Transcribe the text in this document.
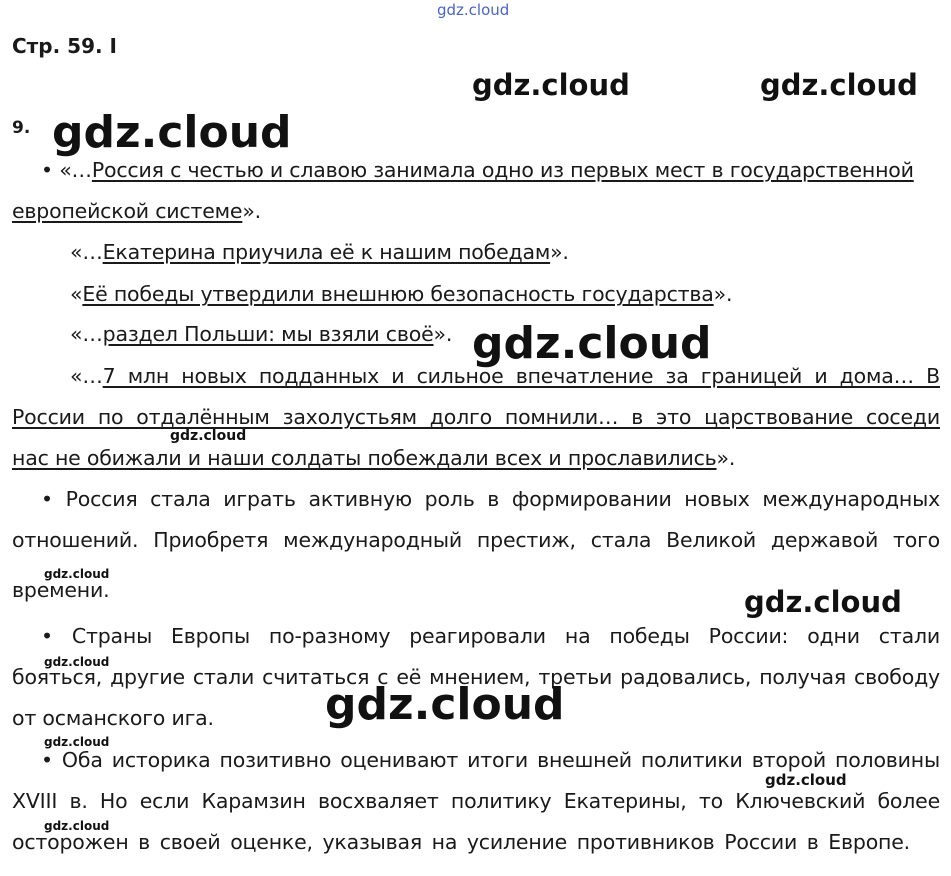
gdz.cloud
Стр. 59. I
gdz.cloud	gdz.cloud
9. gdz.cloud
• «…Россия с честью и славою занимала одно из первых мест в государственной
европейской системе».
«…Екатерина приучила её к нашим победам».
«Её победы утвердили внешнюю безопасность государства».
«…раздел Польши: мы взяли своё». gdz.cloud
«…7 млн новых подданных и сильное впечатление за границей и дома… В
России по отдалённым захолустьям долго помнили… в это царствование соседи
gdz.cloud
нас не обижали и наши солдаты побеждали всех и прославились».
• Россия стала играть активную роль в формировании новых международных
отношений. Приобретя международный престиж, стала Великой державой того
gdz.cloud
времени.	gdz.cloud
• Страны Европы по-разному реагировали на победы России: одни стали
gdz.cloud
бояться, другие стали считаться с её мнением, третьи радовались, получая свободу
от османского ига.	gdz.cloud
gdz.cloud
• Оба историка позитивно оценивают итоги внешней политики второй половины
gdz.cloud
XVIII в. Но если Карамзин восхваляет политику Екатерины, то Ключевский более
gdz.cloud
осторожен в своей оценке, указывая на усиление противников России в Европе.
